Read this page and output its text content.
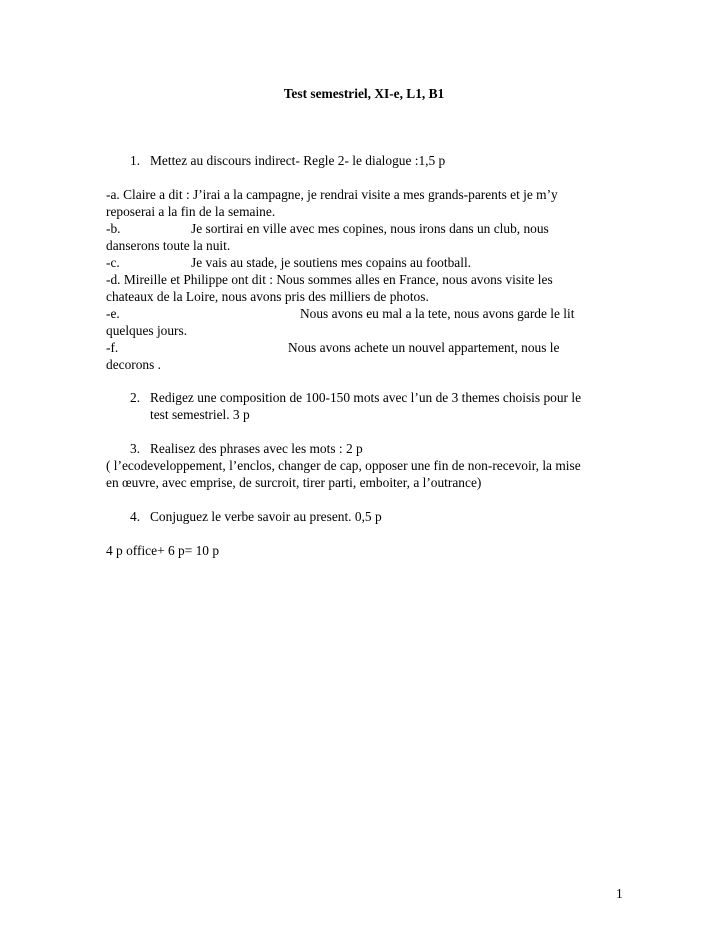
Test semestriel, XI-e, L1, B1
1. Mettez au discours indirect- Regle 2- le dialogue :1,5 p
-a. Claire a dit : J’irai a la campagne, je rendrai visite a mes grands-parents et je m’y
reposerai a la fin de la semaine.
-b.	Je sortirai en ville avec mes copines, nous irons dans un club, nous
danserons toute la nuit.
-c.	Je vais au stade, je soutiens mes copains au football.
-d. Mireille et Philippe ont dit : Nous sommes alles en France, nous avons visite les
chateaux de la Loire, nous avons pris des milliers de photos.
-e.	Nous avons eu mal a la tete, nous avons garde le lit
quelques jours.
-f.	Nous avons achete un nouvel appartement, nous le
decorons .
2. Redigez une composition de 100-150 mots avec l’un de 3 themes choisis pour le
test semestriel. 3 p
3. Realisez des phrases avec les mots : 2 p
( l’ecodeveloppement, l’enclos, changer de cap, opposer une fin de non-recevoir, la mise
en œuvre, avec emprise, de surcroit, tirer parti, emboiter, a l’outrance)
4. Conjuguez le verbe savoir au present. 0,5 p
4 p office+ 6 p= 10 p
1
